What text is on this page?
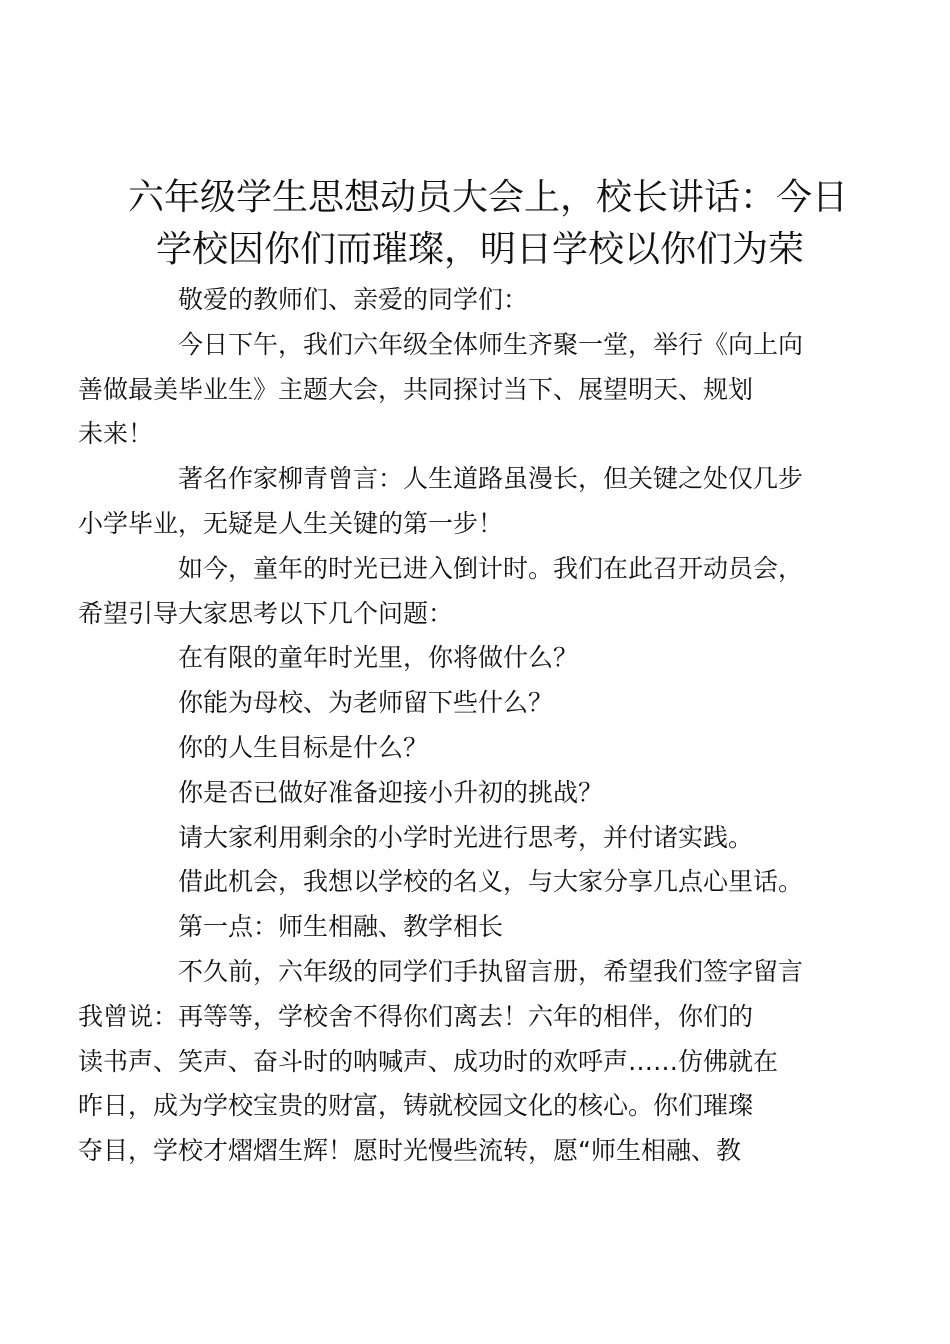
六年级学生思想动员大会上，校长讲话：今日
学校因你们而璀璨，明日学校以你们为荣

敬爱的教师们、亲爱的同学们：

今日下午，我们六年级全体师生齐聚一堂，举行《向上向
善做最美毕业生》主题大会，共同探讨当下、展望明天、规划
未来！

著名作家柳青曾言：人生道路虽漫长，但关键之处仅几步
小学毕业，无疑是人生关键的第一步！

如今，童年的时光已进入倒计时。我们在此召开动员会，
希望引导大家思考以下几个问题：

在有限的童年时光里，你将做什么？

你能为母校、为老师留下些什么？

你的人生目标是什么？

你是否已做好准备迎接小升初的挑战？

请大家利用剩余的小学时光进行思考，并付诸实践。

借此机会，我想以学校的名义，与大家分享几点心里话。

第一点：师生相融、教学相长

不久前，六年级的同学们手执留言册，希望我们签字留言
我曾说：再等等，学校舍不得你们离去！六年的相伴，你们的
读书声、笑声、奋斗时的呐喊声、成功时的欢呼声……仿佛就在
昨日，成为学校宝贵的财富，铸就校园文化的核心。你们璀璨
夺目，学校才熠熠生辉！愿时光慢些流转，愿“师生相融、教
